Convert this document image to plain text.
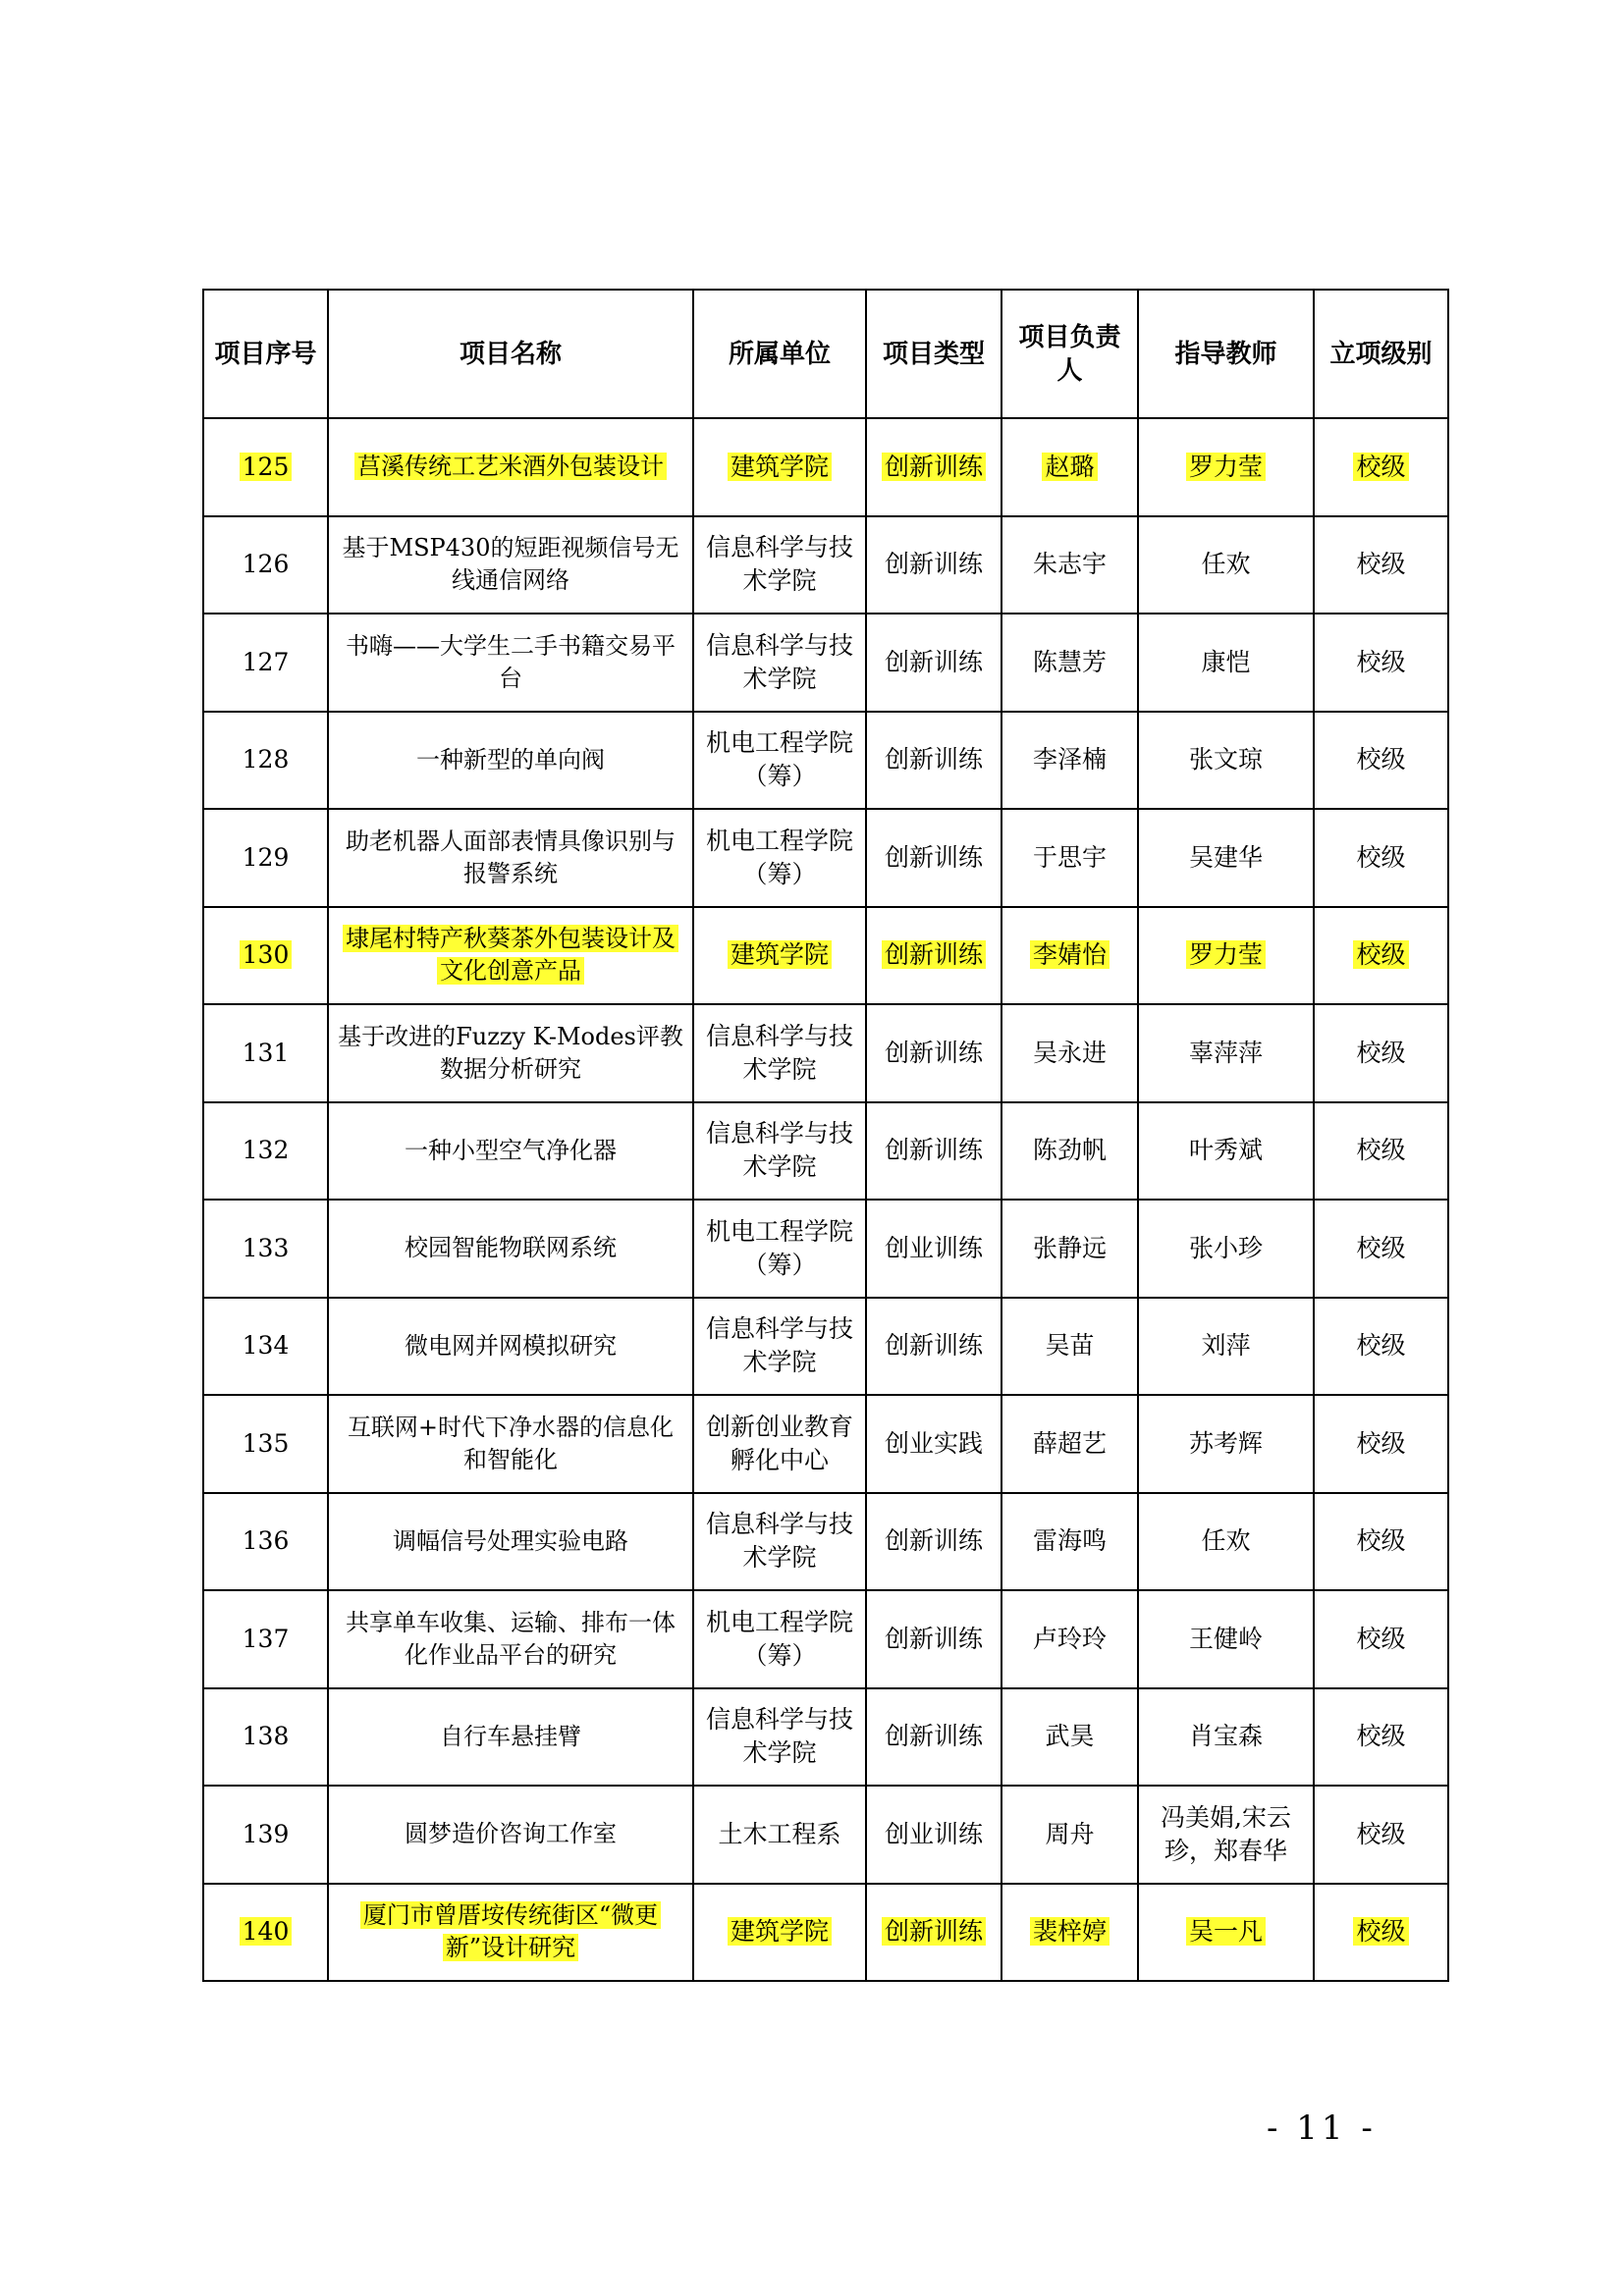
项目序号	项目名称	所属单位	项目类型	项目负责人	指导教师	立项级别
125	莒溪传统工艺米酒外包装设计	建筑学院	创新训练	赵璐	罗力莹	校级
126	基于MSP430的短距视频信号无线通信网络	信息科学与技术学院	创新训练	朱志宇	任欢	校级
127	书嗨——大学生二手书籍交易平台	信息科学与技术学院	创新训练	陈慧芳	康恺	校级
128	一种新型的单向阀	机电工程学院（筹）	创新训练	李泽楠	张文琼	校级
129	助老机器人面部表情具像识别与报警系统	机电工程学院（筹）	创新训练	于思宇	吴建华	校级
130	埭尾村特产秋葵茶外包装设计及文化创意产品	建筑学院	创新训练	李婧怡	罗力莹	校级
131	基于改进的Fuzzy K-Modes评教数据分析研究	信息科学与技术学院	创新训练	吴永进	辜萍萍	校级
132	一种小型空气净化器	信息科学与技术学院	创新训练	陈劲帆	叶秀斌	校级
133	校园智能物联网系统	机电工程学院（筹）	创业训练	张静远	张小珍	校级
134	微电网并网模拟研究	信息科学与技术学院	创新训练	吴苗	刘萍	校级
135	互联网+时代下净水器的信息化和智能化	创新创业教育孵化中心	创业实践	薛超艺	苏考辉	校级
136	调幅信号处理实验电路	信息科学与技术学院	创新训练	雷海鸣	任欢	校级
137	共享单车收集、运输、排布一体化作业品平台的研究	机电工程学院（筹）	创新训练	卢玲玲	王健岭	校级
138	自行车悬挂臂	信息科学与技术学院	创新训练	武昊	肖宝森	校级
139	圆梦造价咨询工作室	土木工程系	创业训练	周舟	冯美娟,宋云珍，郑春华	校级
140	厦门市曾厝垵传统街区“微更新”设计研究	建筑学院	创新训练	裴梓婷	吴一凡	校级
- 11 -
